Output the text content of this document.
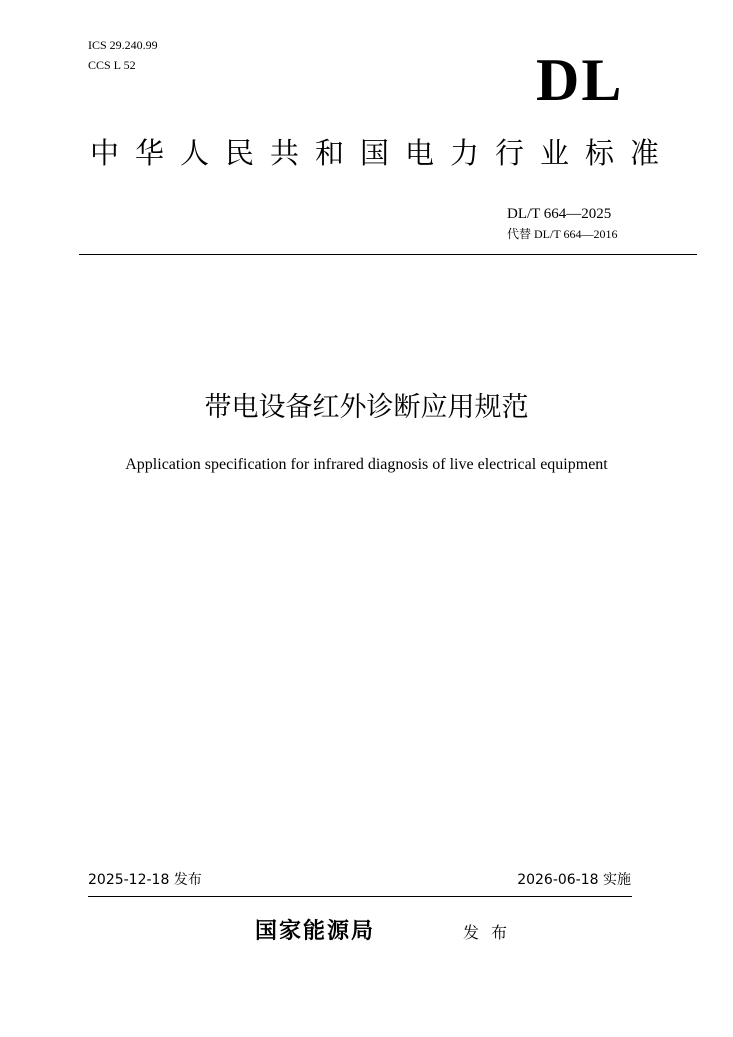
ICS 29.240.99
CCS L 52	DL
中华人民共和国电力行业标准
DL/T 664—2025
代替 DL/T 664—2016
带电设备红外诊断应用规范
Application specification for infrared diagnosis of live electrical equipment
2025-12-18 发布	2026-06-18 实施
国家能源局	发布
